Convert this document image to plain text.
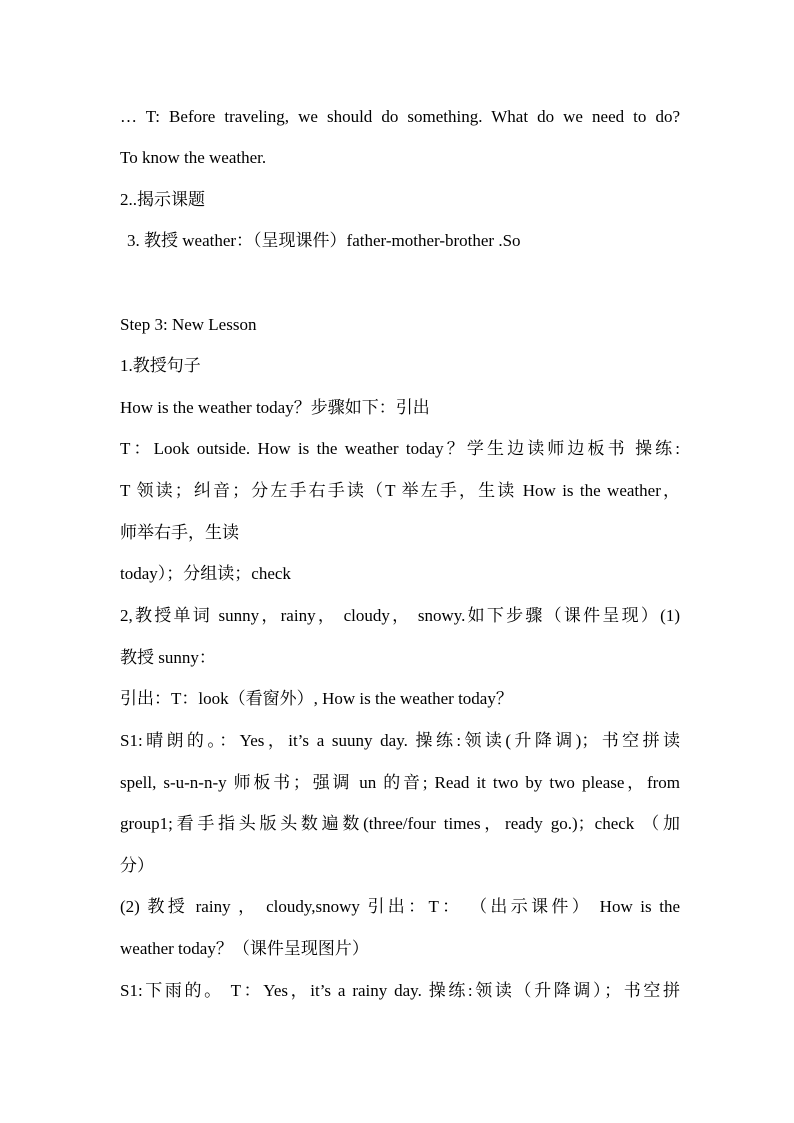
… T: Before traveling, we should do something. What do we need to do?
To know the weather.
2..揭示课题
3. 教授 weather：（呈现课件）father-mother-brother .So
Step 3: New Lesson
1.教授句子
How is the weather today？步骤如下：引出
T：Look outside. How is the weather today？学生边读师边板书 操练:
T 领读；纠音；分左手右手读（T 举左手，生读 How is the weather，
师举右手，生读
today）；分组读；check
2,教授单词 sunny，rainy， cloudy， snowy.如下步骤（课件呈现）(1)
教授 sunny：
引出：T：look（看窗外）, How is the weather today？
S1:晴朗的。：Yes，it’s a suuny day. 操练:领读(升降调)；书空拼读
spell, s-u-n-n-y 师板书；强调 un 的音; Read it two by two please，from
group1;看手指头版头数遍数(three/four times，ready go.)；check （加
分）
(2) 教授 rainy ， cloudy,snowy 引出：T： （出示课件） How is the
weather today？（课件呈现图片）
S1:下雨的。 T：Yes，it’s a rainy day. 操练:领读（升降调）；书空拼
